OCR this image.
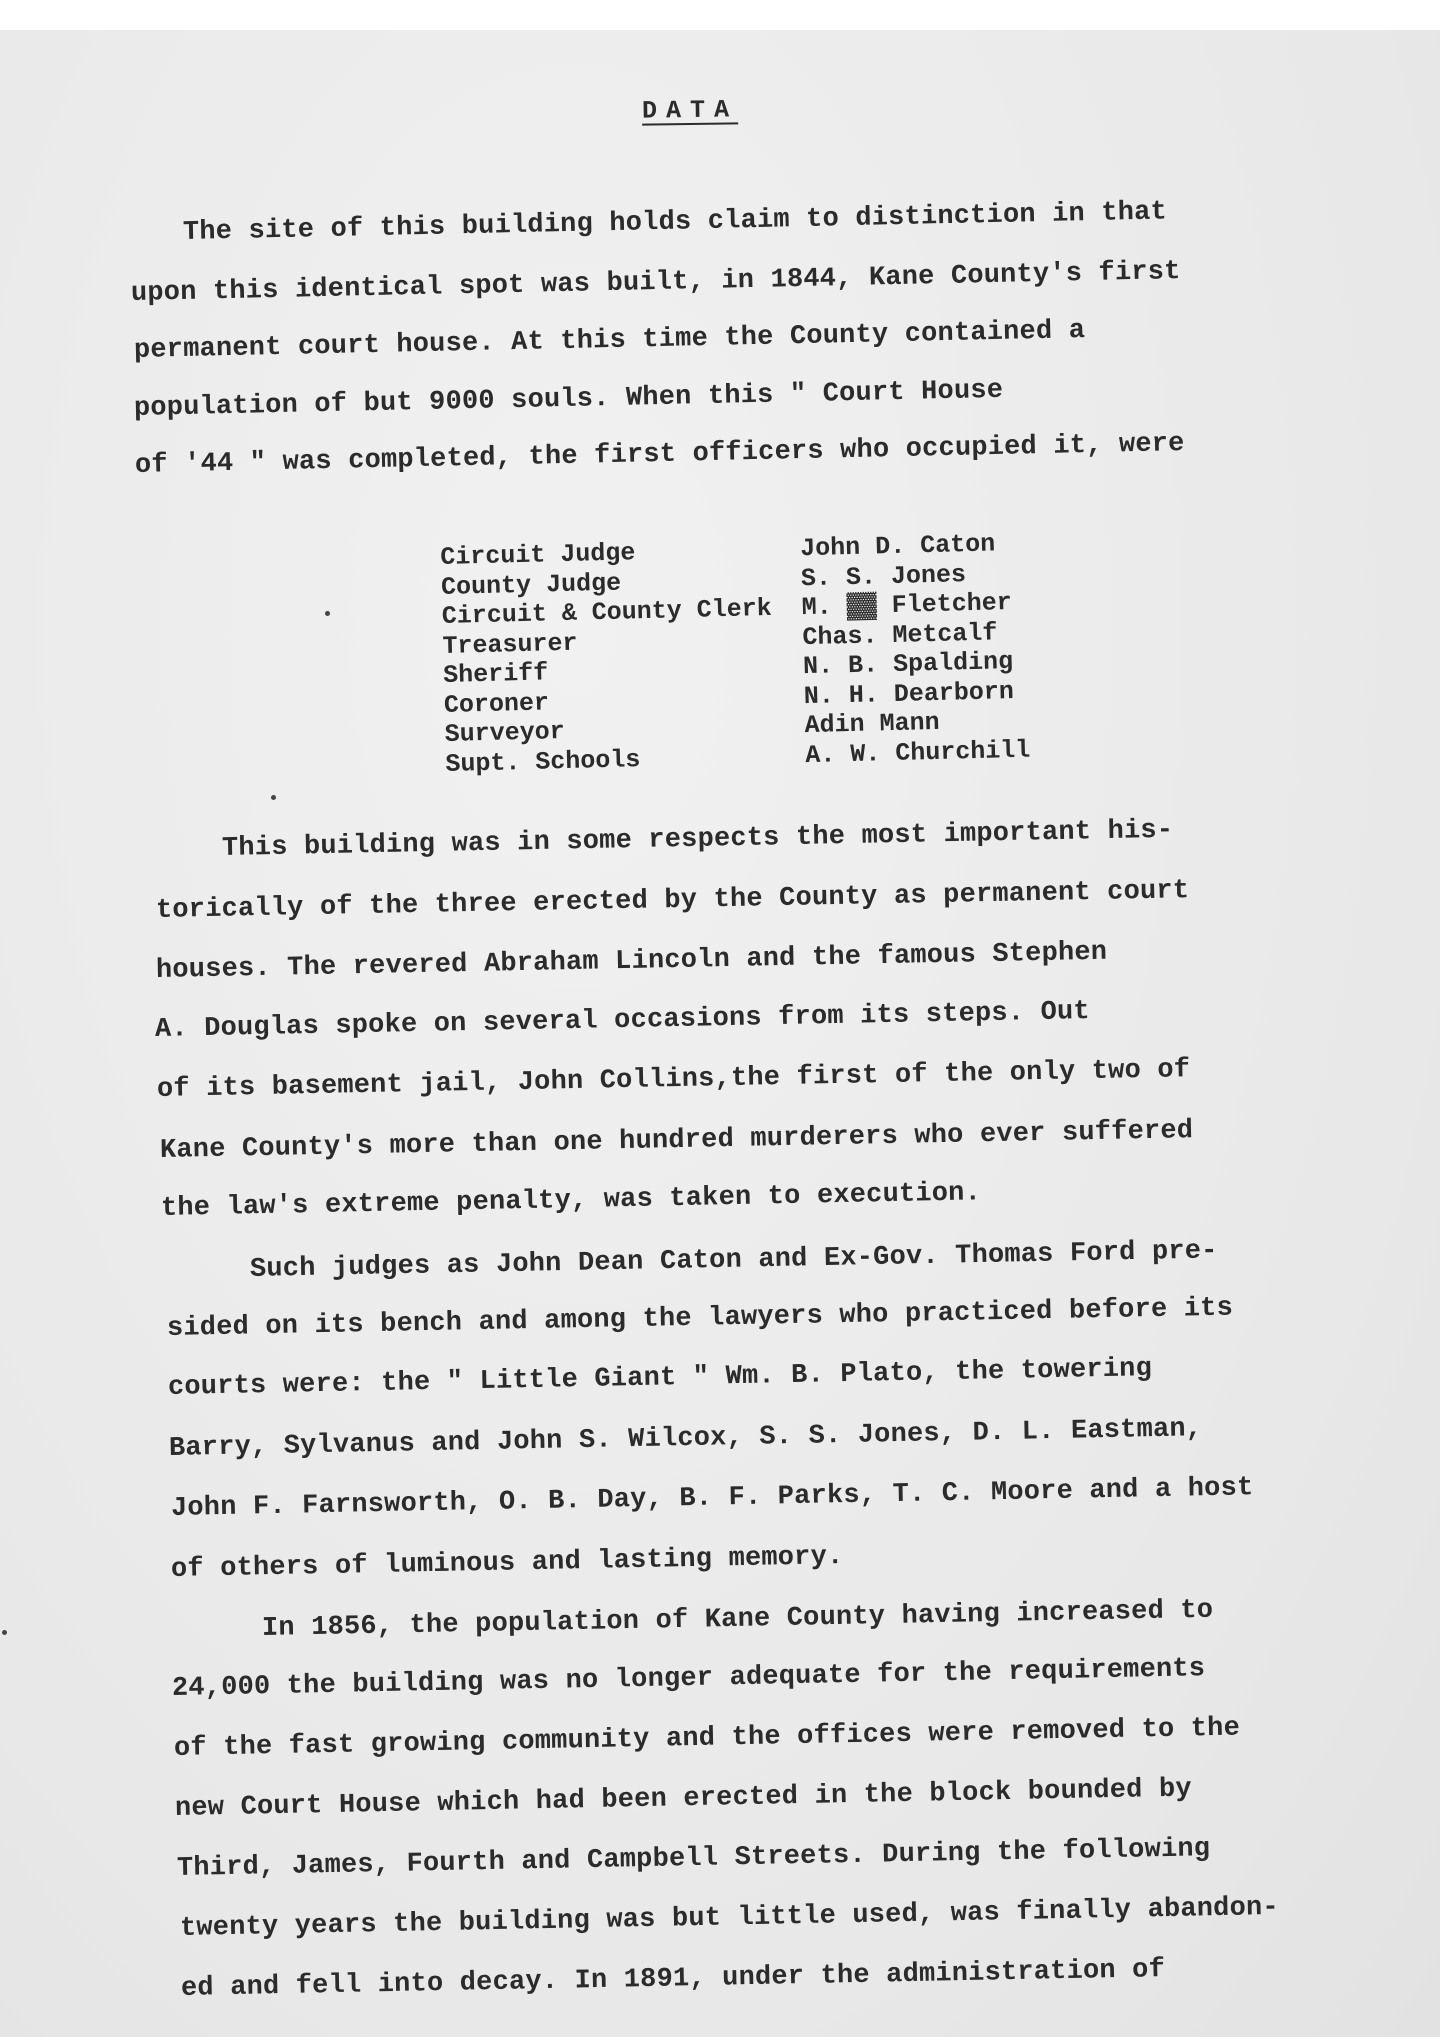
DATA
The site of this building holds claim to distinction in that
upon this identical spot was built, in 1844, Kane County's first
permanent court house. At this time the County contained a
population of but 9000 souls. When this " Court House
of '44 " was completed, the first officers who occupied it, were
Circuit Judge	John D. Caton
County Judge	S. S. Jones
Circuit & County Clerk	M. ▓▓ Fletcher
Treasurer	Chas. Metcalf
Sheriff	N. B. Spalding
Coroner	N. H. Dearborn
Surveyor	Adin Mann
Supt. Schools	A. W. Churchill
This building was in some respects the most important his-
torically of the three erected by the County as permanent court
houses. The revered Abraham Lincoln and the famous Stephen
A. Douglas spoke on several occasions from its steps. Out
of its basement jail, John Collins,the first of the only two of
Kane County's more than one hundred murderers who ever suffered
the law's extreme penalty, was taken to execution.
Such judges as John Dean Caton and Ex-Gov. Thomas Ford pre-
sided on its bench and among the lawyers who practiced before its
courts were: the " Little Giant " Wm. B. Plato, the towering
Barry, Sylvanus and John S. Wilcox, S. S. Jones, D. L. Eastman,
John F. Farnsworth, O. B. Day, B. F. Parks, T. C. Moore and a host
of others of luminous and lasting memory.
In 1856, the population of Kane County having increased to
24,000 the building was no longer adequate for the requirements
of the fast growing community and the offices were removed to the
new Court House which had been erected in the block bounded by
Third, James, Fourth and Campbell Streets. During the following
twenty years the building was but little used, was finally abandon-
ed and fell into decay. In 1891, under the administration of
